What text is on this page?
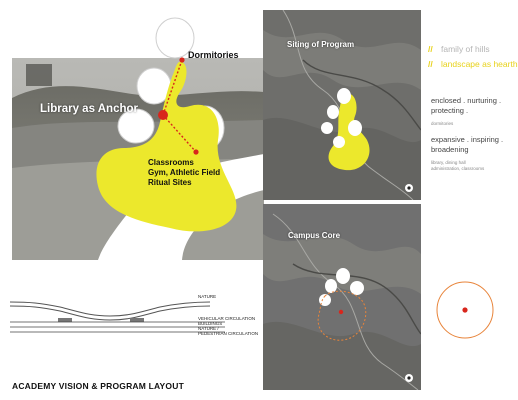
Dormitories
Library as Anchor
Classrooms
Gym, Athletic Field
Ritual Sites
NATURE
VEHICULAR CIRCULATION
BUILDINGS
NATURE /
PEDESTRIAN CIRCULATION
ACADEMY VISION & PROGRAM LAYOUT
Siting of Program
Campus Core
// family of hills
// landscape as hearth
enclosed . nurturing .
protecting .
dormitories
expansive . inspiring .
broadening
library, dining hall
administration, classrooms
